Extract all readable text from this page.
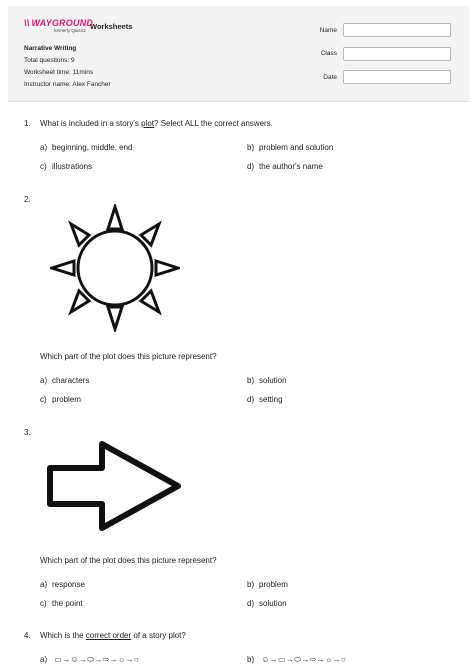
\\ WAYGROUND
formerly Quizizz Worksheets
Narrative Writing
Total questions: 9
Worksheet time: 11mins
Instructor name: Alex Fancher
Name
Class
Date
1. What is included in a story's plot? Select ALL the correct answers.
a) beginning, middle, end	b) problem and solution
c) illustrations	d) the author's name
2.
Which part of the plot does this picture represent?
a) characters	b) solution
c) problem	d) setting
3.
Which part of the plot does this picture represent?
a) response	b) problem
c) the point	d) solution
4. Which is the correct order of a story plot?
a) ▭→☺→⬭→⇨→☼→○	b) ☺→▭→⬭→⇨→☼→○
